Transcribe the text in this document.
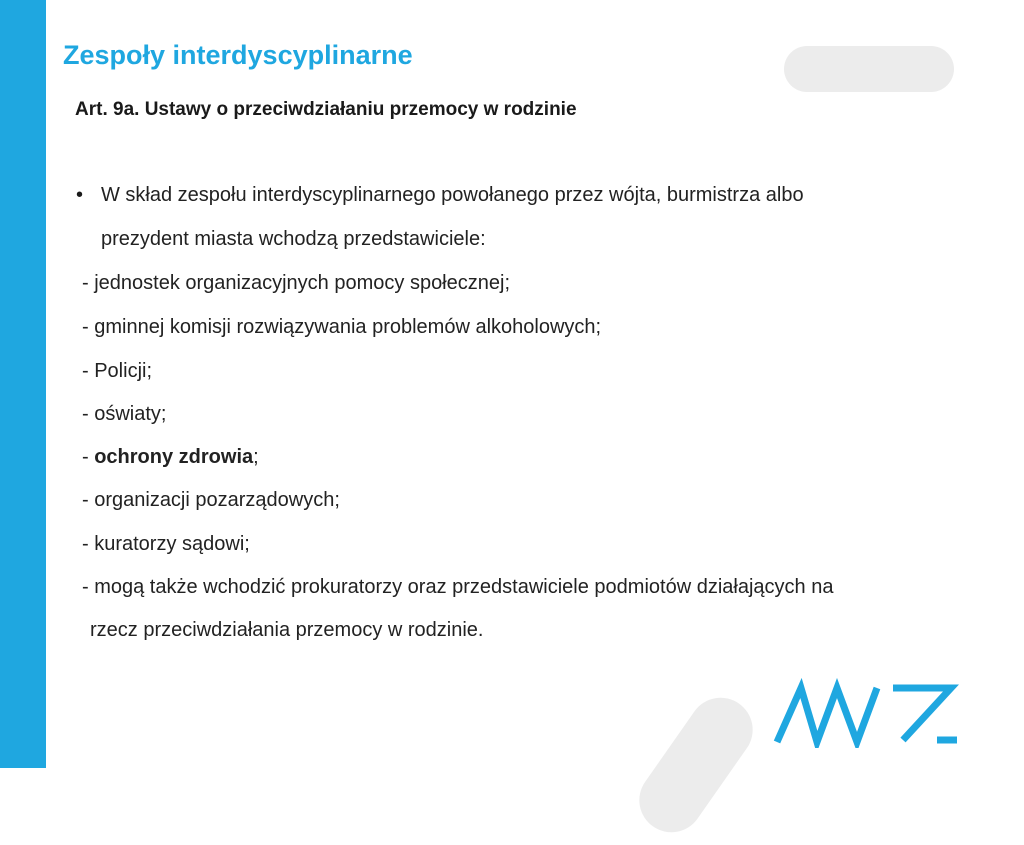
Zespoły interdyscyplinarne
Art. 9a. Ustawy o przeciwdziałaniu przemocy w rodzinie
• W skład zespołu interdyscyplinarnego powołanego przez wójta, burmistrza albo
prezydent miasta wchodzą przedstawiciele:
- jednostek organizacyjnych pomocy społecznej;
- gminnej komisji rozwiązywania problemów alkoholowych;
- Policji;
- oświaty;
- ochrony zdrowia;
- organizacji pozarządowych;
- kuratorzy sądowi;
- mogą także wchodzić prokuratorzy oraz przedstawiciele podmiotów działających na
rzecz przeciwdziałania przemocy w rodzinie.
